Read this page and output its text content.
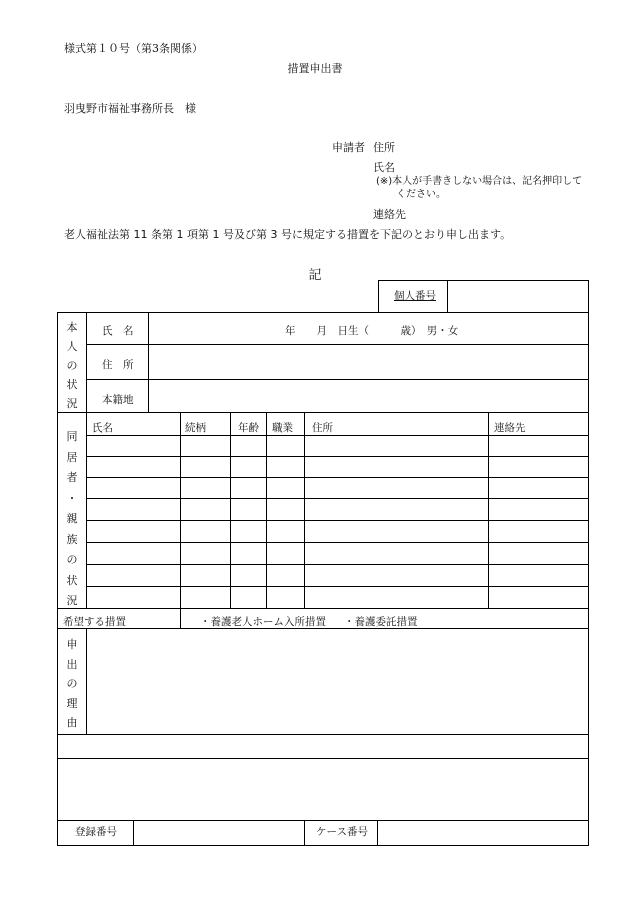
様式第１０号（第3条関係）
措置申出書
羽曳野市福祉事務所長　様
申請者 住所
氏名
(※)本人が手書きしない場合は、記名押印して
ください。
連絡先
老人福祉法第 11 条第 1 項第 1 号及び第 3 号に規定する措置を下記のとおり申し出ます。
記
個人番号
本
人
の
状
況
氏　名	年　　月　日生（　　　歳）　男・女
住　所
本籍地
同
居
者
・
親
族
の
状
況
氏名	続柄	年齢 職業 住所	連絡先
希望する措置	・養護老人ホーム入所措置 ・養護委託措置
申
出
の
理
由
登録番号	ケース番号
